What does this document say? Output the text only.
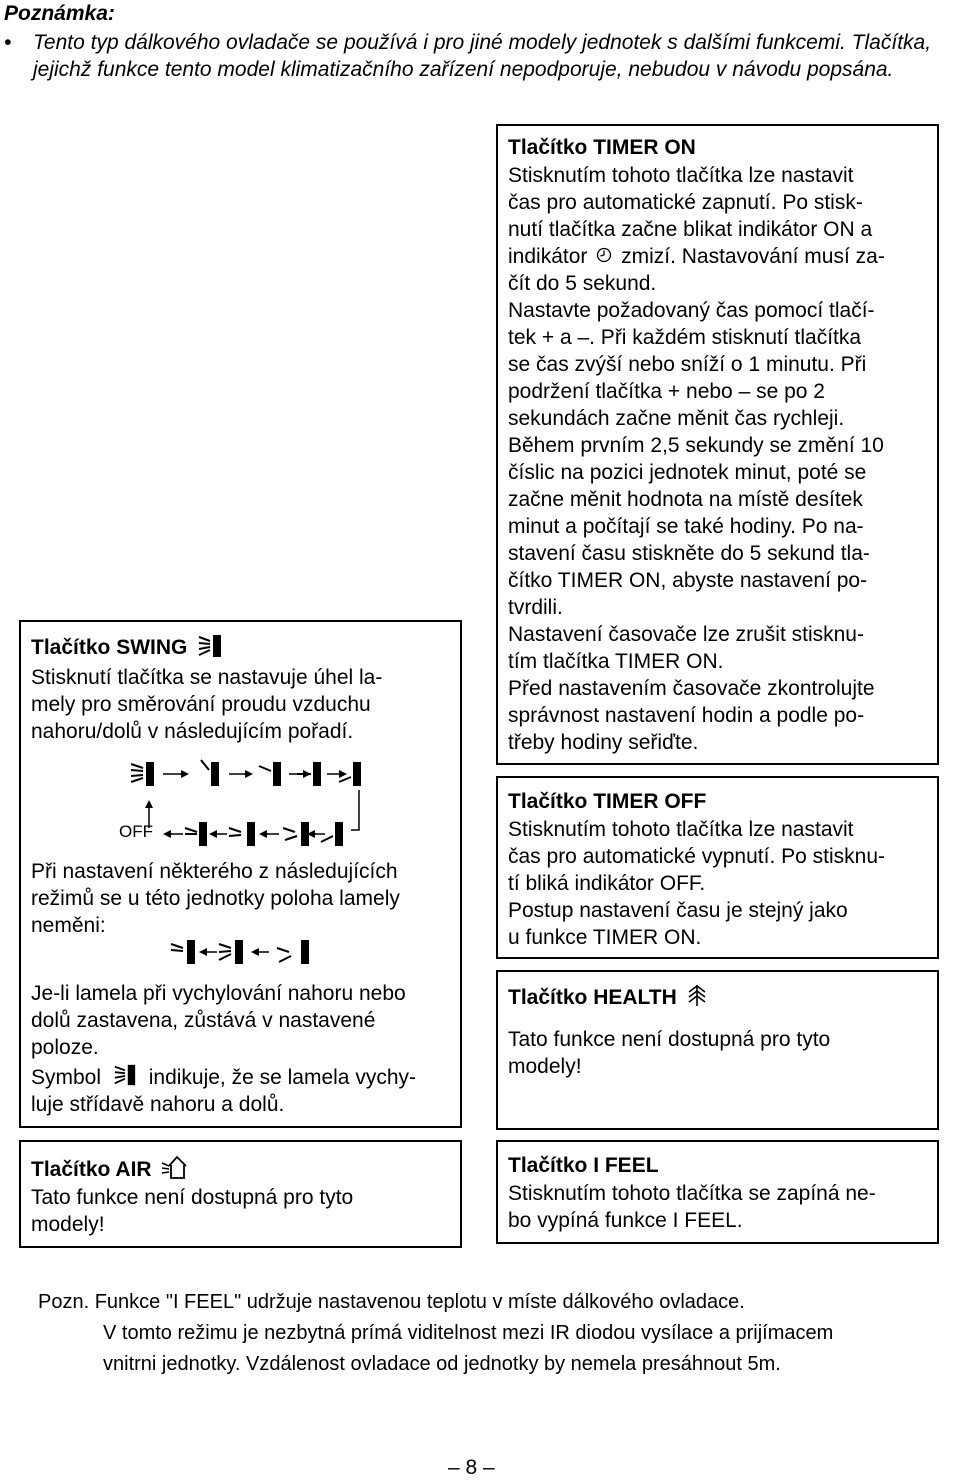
Poznámka:
• Tento typ dálkového ovladače se používá i pro jiné modely jednotek s dalšími funkcemi. Tlačítka, jejichž funkce tento model klimatizačního zařízení nepodporuje, nebudou v návodu popsána.
Tlačítko SWING

Stisknutí tlačítka se nastavuje úhel la-

mely pro směrování proudu vzduchu

nahoru/dolů v následujícím pořadí.

OFF

Při nastavení některého z následujících

režimů se u této jednotky poloha lamely

neměni:

Je-li lamela při vychylování nahoru nebo

dolů zastavena, zůstává v nastavené

poloze.

Symbol indikuje, že se lamela vychy-

luje střídavě nahoru a dolů.

Tlačítko AIR

Tato funkce není dostupná pro tyto

modely!

Tlačítko TIMER ON

Stisknutím tohoto tlačítka lze nastavit

čas pro automatické zapnutí. Po stisk-

nutí tlačítka začne blikat indikátor ON a

indikátor zmizí. Nastavování musí za-

čít do 5 sekund.

Nastavte požadovaný čas pomocí tlačí-

tek + a –. Při každém stisknutí tlačítka

se čas zvýší nebo sníží o 1 minutu. Při

podržení tlačítka + nebo – se po 2

sekundách začne měnit čas rychleji.

Během prvním 2,5 sekundy se změní 10

číslic na pozici jednotek minut, poté se

začne měnit hodnota na místě desítek

minut a počítají se také hodiny. Po na-

stavení času stiskněte do 5 sekund tla-

čítko TIMER ON, abyste nastavení po-

tvrdili.

Nastavení časovače lze zrušit stisknu-

tím tlačítka TIMER ON.

Před nastavením časovače zkontrolujte

správnost nastavení hodin a podle po-

třeby hodiny seřiďte.

Tlačítko TIMER OFF

Stisknutím tohoto tlačítka lze nastavit

čas pro automatické vypnutí. Po stisknu-

tí bliká indikátor OFF.

Postup nastavení času je stejný jako

u funkce TIMER ON.

Tlačítko HEALTH

Tato funkce není dostupná pro tyto

modely!

Tlačítko I FEEL

Stisknutím tohoto tlačítka se zapíná ne-

bo vypíná funkce I FEEL.

Pozn. Funkce "I FEEL" udržuje nastavenou teplotu v míste dálkového ovladace.

V tomto režimu je nezbytná prímá viditelnost mezi IR diodou vysílace a prijímacem

vnitrni jednotky. Vzdálenost ovladace od jednotky by nemela presáhnout 5m.

– 8 –
